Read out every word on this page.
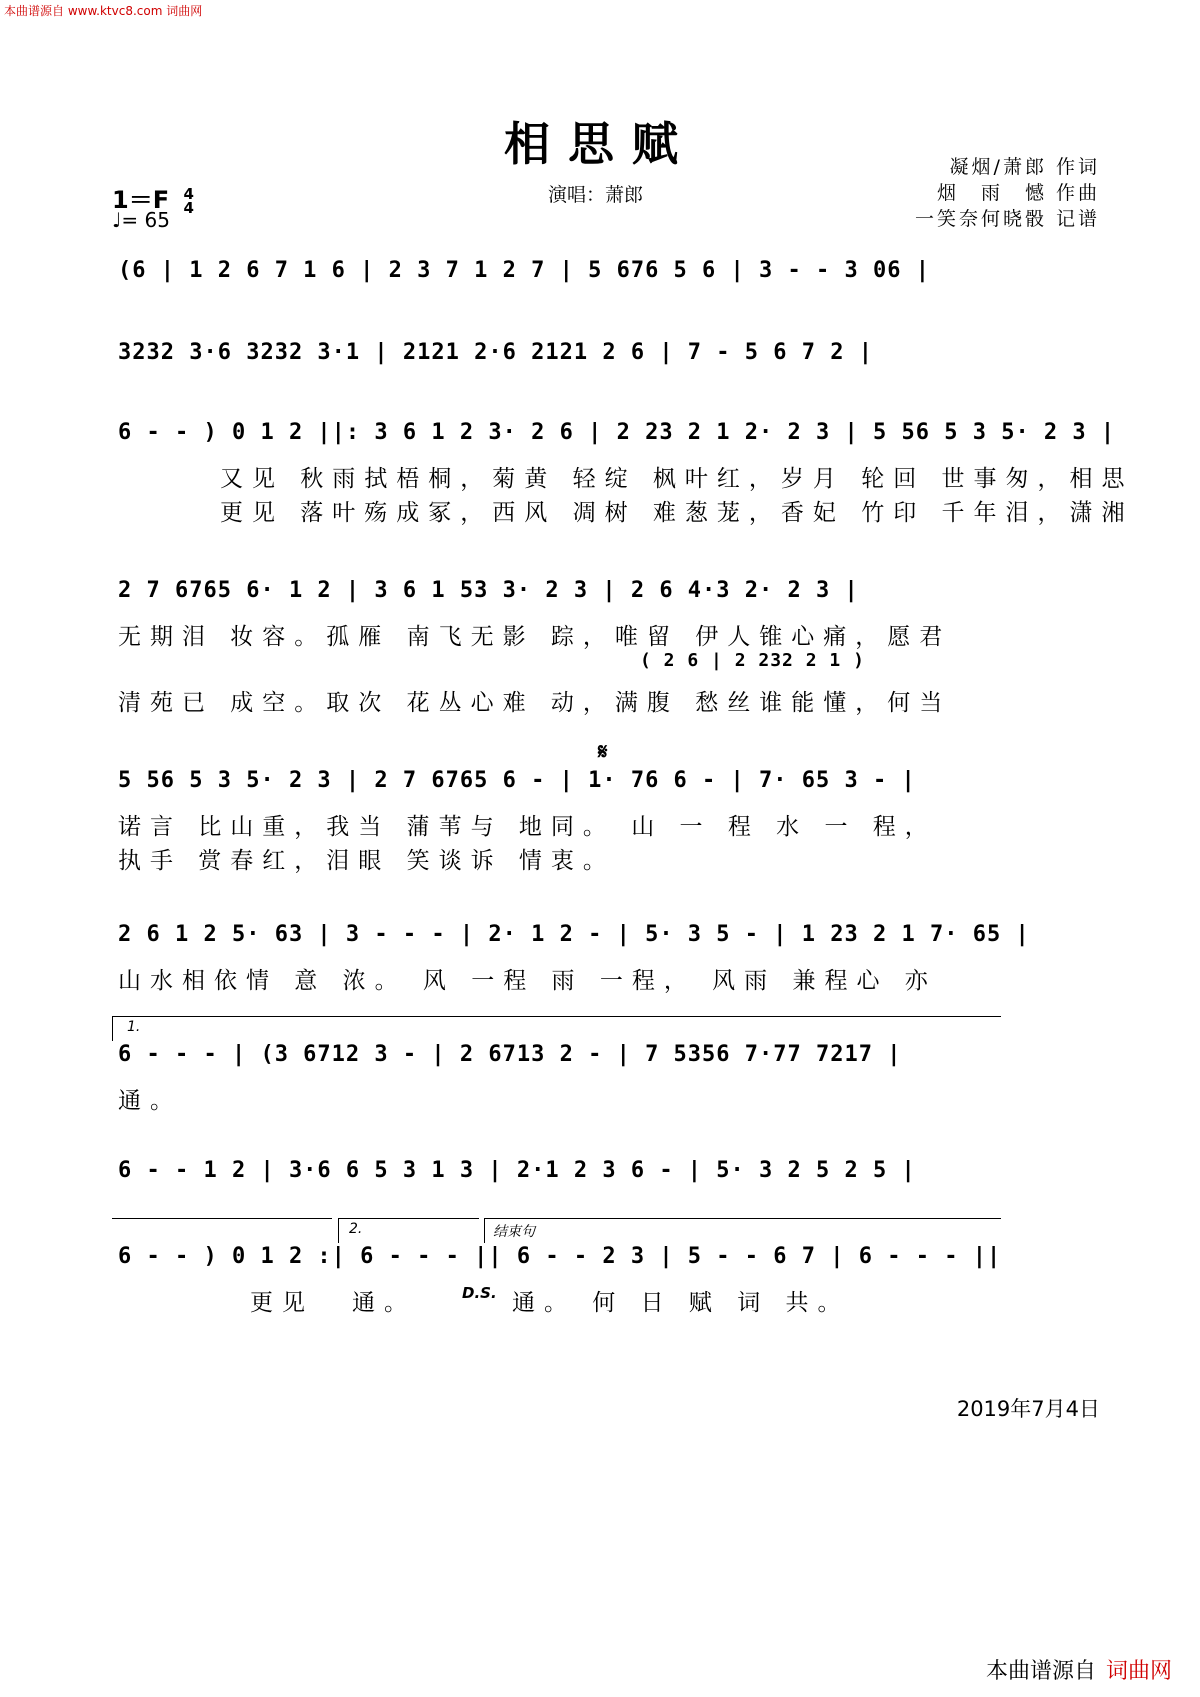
本曲谱源自 www.ktvc8.com 词曲网
相思赋	凝烟/萧郎 作词
烟　雨　憾 作曲
一笑奈何晓骰 记谱
演唱：萧郎
1＝F 4
4
♩= 65
(6 | 1 2 6 7 1 6 | 2 3 7 1 2 7 | 5 676 5 6 | 3 - - 3 06 |
3232 3·6 3232 3·1 | 2121 2·6 2121 2 6 | 7 - 5 6 7 2 |
6 - - ) 0 1 2 ||: 3 6 1 2 3· 2 6 | 2 23 2 1 2· 2 3 | 5 56 5 3 5· 2 3 |
又见 秋雨拭梧桐，菊黄 轻绽 枫叶红，岁月 轮回 世事匆，相思
更见 落叶殇成冢，西风 凋树 难葱茏，香妃 竹印 千年泪，潇湘
2 7 6765 6· 1 2 | 3 6 1 53 3· 2 3 | 2 6 4·3 2· 2 3 |
无期泪 妆容。孤雁 南飞无影 踪，唯留 伊人锥心痛，愿君
( 2 6 | 2 232 2 1 )
清苑已 成空。取次 花丛心难 动，满腹 愁丝谁能懂，何当
𝄋
5 56 5 3 5· 2 3 | 2 7 6765 6 - | 1· 76 6 - | 7· 65 3 - |
诺言 比山重，我当 蒲苇与 地同。 山 一 程 水 一 程，
执手 赏春红，泪眼 笑谈诉 情衷。
2 6 1 2 5· 63 | 3 - - - | 2· 1 2 - | 5· 3 5 - | 1 23 2 1 7· 65 |
山水相依情 意 浓。 风 一程 雨 一程， 风雨 兼程心 亦
1.
6 - - - | (3 6712 3 - | 2 6713 2 - | 7 5356 7·77 7217 |
通。
6 - - 1 2 | 3·6 6 5 3 1 3 | 2·1 2 3 6 - | 5· 3 2 5 2 5 |
2.	结束句
6 - - ) 0 1 2 :| 6 - - - || 6 - - 2 3 | 5 - - 6 7 | 6 - - - ||
更见 通。	D.S. 通。 何 日 赋 词 共。
2019年7月4日
本曲谱源自 词曲网
